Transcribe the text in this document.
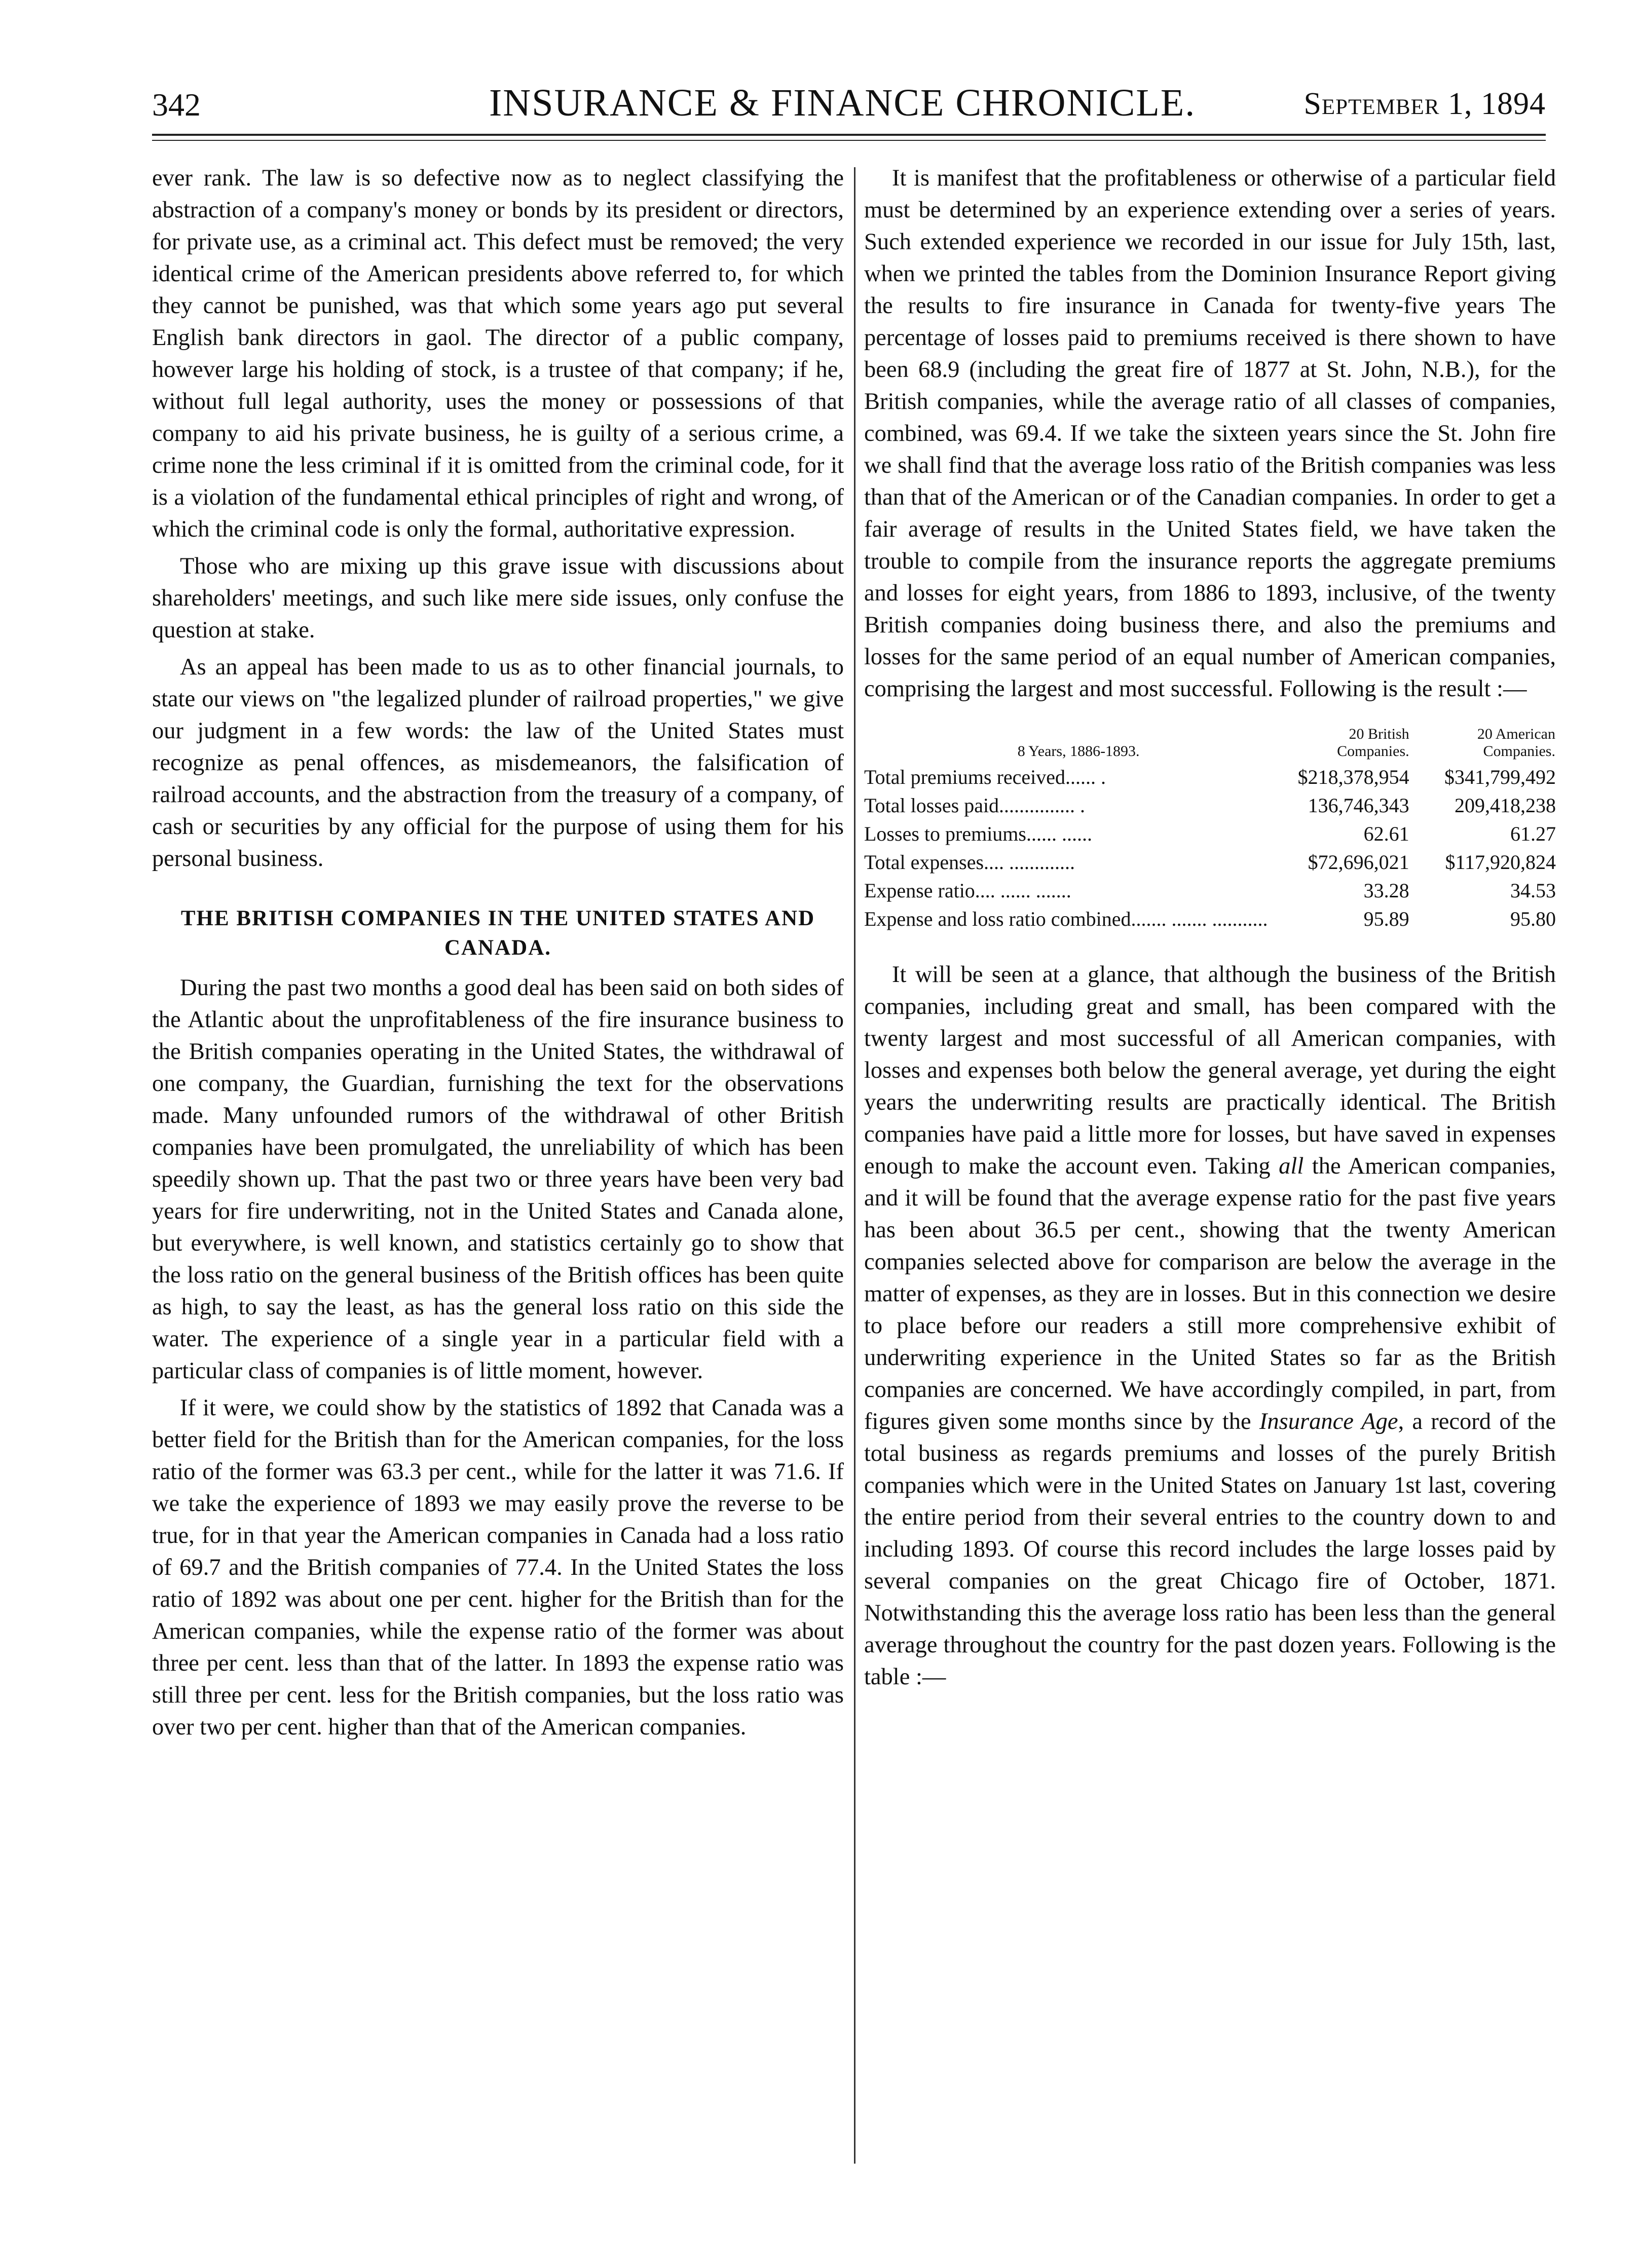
342	INSURANCE & FINANCE CHRONICLE.	September 1, 1894

ever rank. The law is so defective now as to neglect classifying the abstraction of a company's money or bonds by its president or directors, for private use, as a criminal act. This defect must be removed; the very identical crime of the American presidents above referred to, for which they cannot be punished, was that which some years ago put several English bank directors in gaol. The director of a public company, however large his holding of stock, is a trustee of that company; if he, without full legal authority, uses the money or possessions of that company to aid his private business, he is guilty of a serious crime, a crime none the less criminal if it is omitted from the criminal code, for it is a violation of the fundamental ethical principles of right and wrong, of which the criminal code is only the formal, authoritative expression.

Those who are mixing up this grave issue with discussions about shareholders' meetings, and such like mere side issues, only confuse the question at stake.

As an appeal has been made to us as to other financial journals, to state our views on "the legalized plunder of railroad properties," we give our judgment in a few words: the law of the United States must recognize as penal offences, as misdemeanors, the falsification of railroad accounts, and the abstraction from the treasury of a company, of cash or securities by any official for the purpose of using them for his personal business.

THE BRITISH COMPANIES IN THE UNITED STATES AND CANADA.

During the past two months a good deal has been said on both sides of the Atlantic about the unprofitableness of the fire insurance business to the British companies operating in the United States, the withdrawal of one company, the Guardian, furnishing the text for the observations made. Many unfounded rumors of the withdrawal of other British companies have been promulgated, the unreliability of which has been speedily shown up. That the past two or three years have been very bad years for fire underwriting, not in the United States and Canada alone, but everywhere, is well known, and statistics certainly go to show that the loss ratio on the general business of the British offices has been quite as high, to say the least, as has the general loss ratio on this side the water. The experience of a single year in a particular field with a particular class of companies is of little moment, however.

If it were, we could show by the statistics of 1892 that Canada was a better field for the British than for the American companies, for the loss ratio of the former was 63.3 per cent., while for the latter it was 71.6. If we take the experience of 1893 we may easily prove the reverse to be true, for in that year the American companies in Canada had a loss ratio of 69.7 and the British companies of 77.4. In the United States the loss ratio of 1892 was about one per cent. higher for the British than for the American companies, while the expense ratio of the former was about three per cent. less than that of the latter. In 1893 the expense ratio was still three per cent. less for the British companies, but the loss ratio was over two per cent. higher than that of the American companies.

It is manifest that the profitableness or otherwise of a particular field must be determined by an experience extending over a series of years. Such extended experience we recorded in our issue for July 15th, last, when we printed the tables from the Dominion Insurance Report giving the results to fire insurance in Canada for twenty-five years The percentage of losses paid to premiums received is there shown to have been 68.9 (including the great fire of 1877 at St. John, N.B.), for the British companies, while the average ratio of all classes of companies, combined, was 69.4. If we take the sixteen years since the St. John fire we shall find that the average loss ratio of the British companies was less than that of the American or of the Canadian companies. In order to get a fair average of results in the United States field, we have taken the trouble to compile from the insurance reports the aggregate premiums and losses for eight years, from 1886 to 1893, inclusive, of the twenty British companies doing business there, and also the premiums and losses for the same period of an equal number of American companies, comprising the largest and most successful. Following is the result :—

8 Years, 1886-1893.	20 British Companies.	20 American Companies.
Total premiums received...... .	$218,378,954	$341,799,492
Total losses paid............... .	136,746,343	209,418,238
Losses to premiums...... ......	62.61	61.27
Total expenses.... .............	$72,696,021	$117,920,824
Expense ratio.... ...... .......	33.28	34.53
Expense and loss ratio combined....... ....... ...........	95.89	95.80

It will be seen at a glance, that although the business of the British companies, including great and small, has been compared with the twenty largest and most successful of all American companies, with losses and expenses both below the general average, yet during the eight years the underwriting results are practically identical. The British companies have paid a little more for losses, but have saved in expenses enough to make the account even. Taking all the American companies, and it will be found that the average expense ratio for the past five years has been about 36.5 per cent., showing that the twenty American companies selected above for comparison are below the average in the matter of expenses, as they are in losses. But in this connection we desire to place before our readers a still more comprehensive exhibit of underwriting experience in the United States so far as the British companies are concerned. We have accordingly compiled, in part, from figures given some months since by the Insurance Age, a record of the total business as regards premiums and losses of the purely British companies which were in the United States on January 1st last, covering the entire period from their several entries to the country down to and including 1893. Of course this record includes the large losses paid by several companies on the great Chicago fire of October, 1871. Notwithstanding this the average loss ratio has been less than the general average throughout the country for the past dozen years. Following is the table :—
